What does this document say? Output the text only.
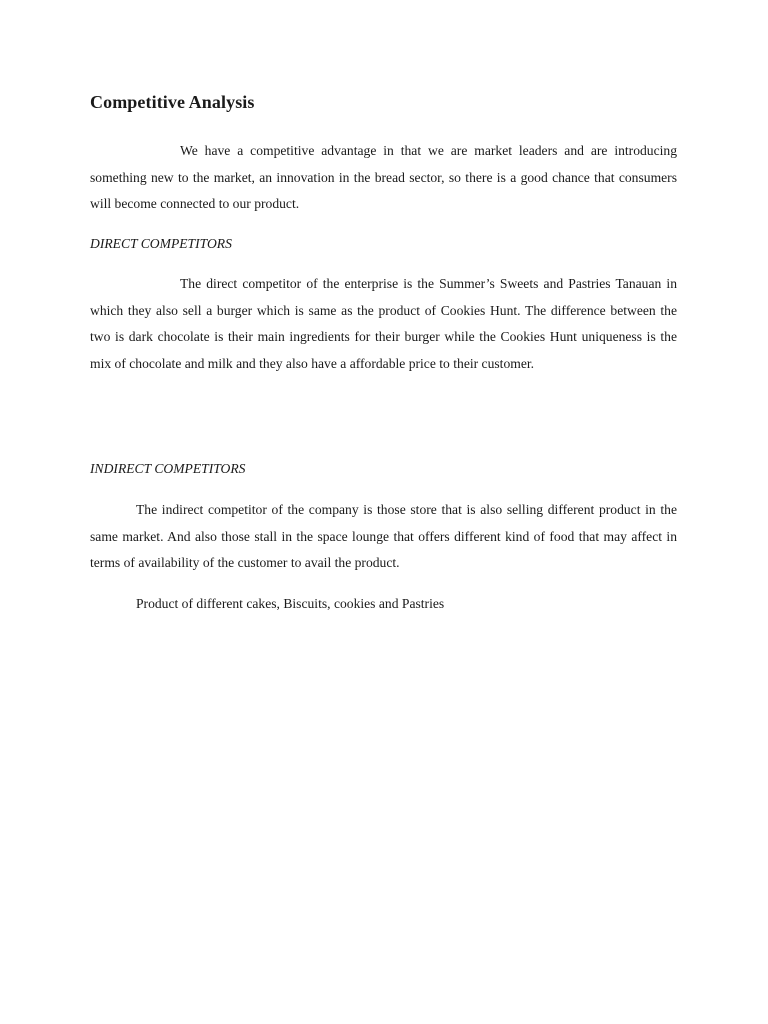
Competitive Analysis

We have a competitive advantage in that we are market leaders and are introducing something new to the market, an innovation in the bread sector, so there is a good chance that consumers will become connected to our product.

DIRECT COMPETITORS

The direct competitor of the enterprise is the Summer’s Sweets and Pastries Tanauan in which they also sell a burger which is same as the product of Cookies Hunt. The difference between the two is dark chocolate is their main ingredients for their burger while the Cookies Hunt uniqueness is the mix of chocolate and milk and they also have a affordable price to their customer.

INDIRECT COMPETITORS

The indirect competitor of the company is those store that is also selling different product in the same market. And also those stall in the space lounge that offers different kind of food that may affect in terms of availability of the customer to avail the product.

Product of different cakes, Biscuits, cookies and Pastries
